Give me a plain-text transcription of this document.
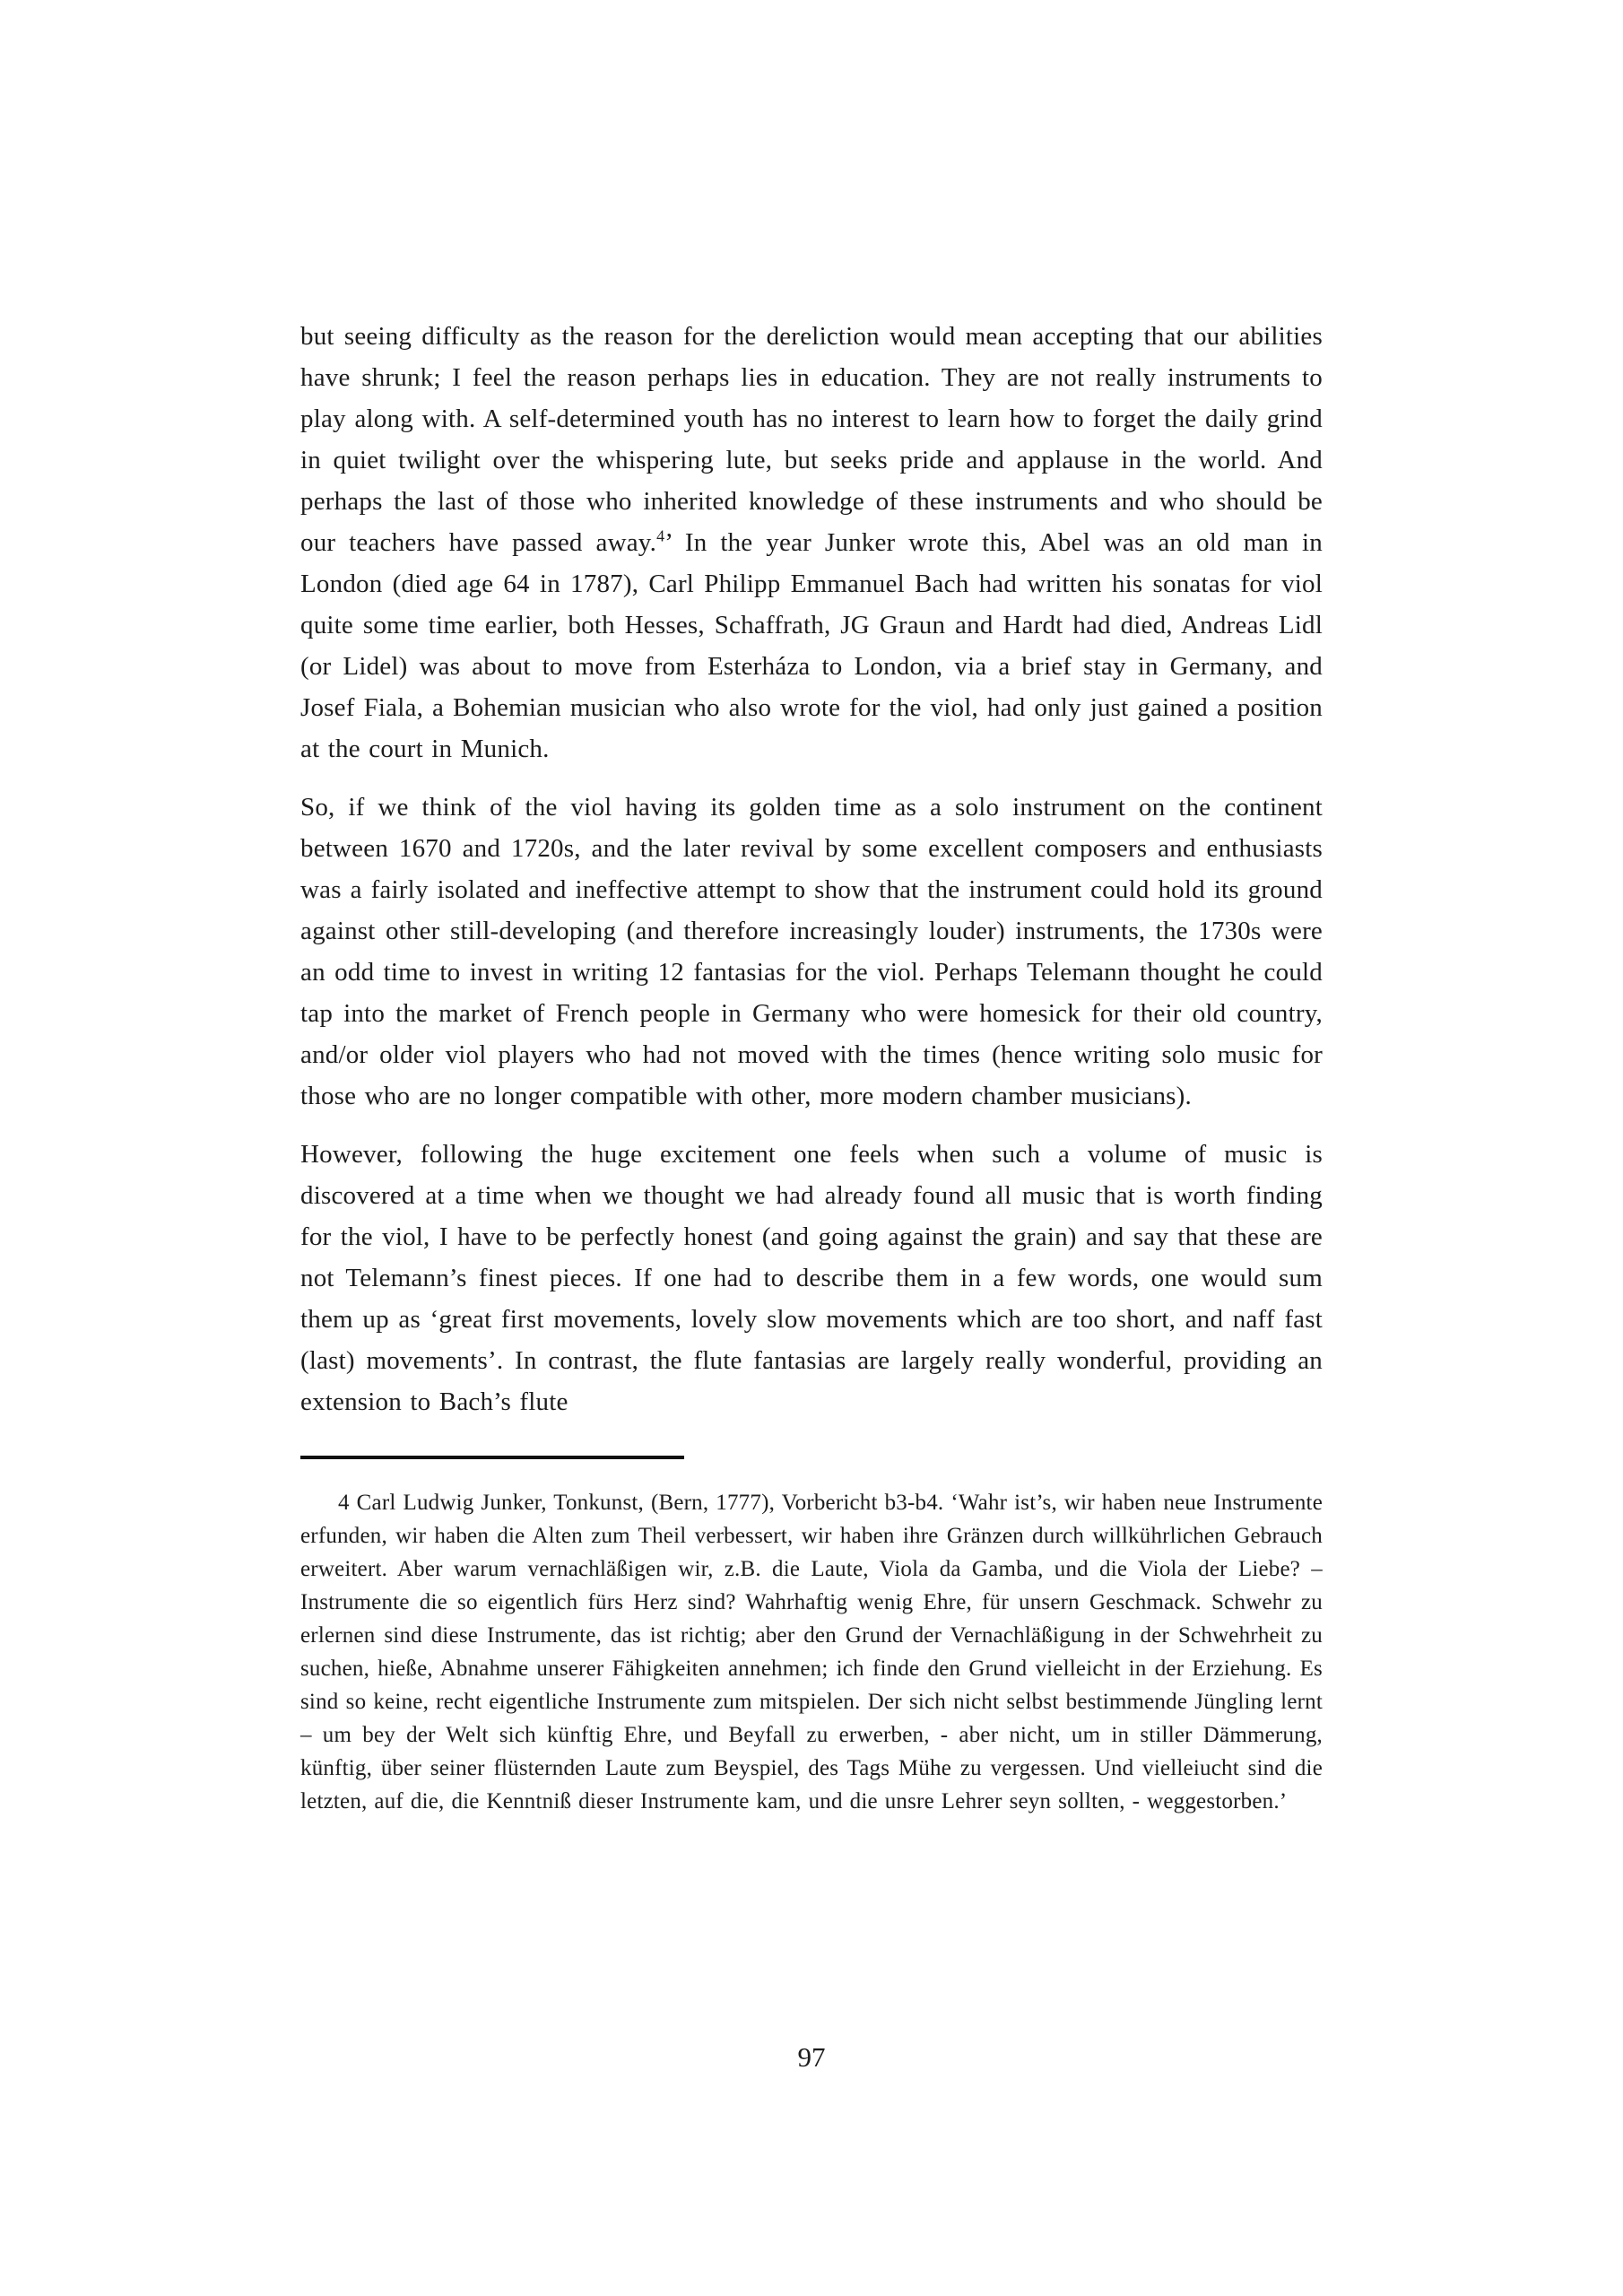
but seeing difficulty as the reason for the dereliction would mean accepting that our abilities have shrunk; I feel the reason perhaps lies in education. They are not really instruments to play along with. A self-determined youth has no interest to learn how to forget the daily grind in quiet twilight over the whispering lute, but seeks pride and applause in the world. And perhaps the last of those who inherited knowledge of these instruments and who should be our teachers have passed away.$^4$’ In the year Junker wrote this, Abel was an old man in London (died age 64 in 1787), Carl Philipp Emmanuel Bach had written his sonatas for viol quite some time earlier, both Hesses, Schaffrath, JG Graun and Hardt had died, Andreas Lidl (or Lidel) was about to move from Esterháza to London, via a brief stay in Germany, and Josef Fiala, a Bohemian musician who also wrote for the viol, had only just gained a position at the court in Munich.

So, if we think of the viol having its golden time as a solo instrument on the continent between 1670 and 1720s, and the later revival by some excellent composers and enthusiasts was a fairly isolated and ineffective attempt to show that the instrument could hold its ground against other still-developing (and therefore increasingly louder) instruments, the 1730s were an odd time to invest in writing 12 fantasias for the viol. Perhaps Telemann thought he could tap into the market of French people in Germany who were homesick for their old country, and/or older viol players who had not moved with the times (hence writing solo music for those who are no longer compatible with other, more modern chamber musicians).

However, following the huge excitement one feels when such a volume of music is discovered at a time when we thought we had already found all music that is worth finding for the viol, I have to be perfectly honest (and going against the grain) and say that these are not Telemann’s finest pieces. If one had to describe them in a few words, one would sum them up as ‘great first movements, lovely slow movements which are too short, and naff fast (last) movements’. In contrast, the flute fantasias are largely really wonderful, providing an extension to Bach’s flute

4 Carl Ludwig Junker, Tonkunst, (Bern, 1777), Vorbericht b3-b4. ‘Wahr ist’s, wir haben neue Instrumente erfunden, wir haben die Alten zum Theil verbessert, wir haben ihre Gränzen durch willkührlichen Gebrauch erweitert. Aber warum vernachläßigen wir, z.B. die Laute, Viola da Gamba, und die Viola der Liebe? – Instrumente die so eigentlich fürs Herz sind? Wahrhaftig wenig Ehre, für unsern Geschmack. Schwehr zu erlernen sind diese Instrumente, das ist richtig; aber den Grund der Vernachläßigung in der Schwehrheit zu suchen, hieße, Abnahme unserer Fähigkeiten annehmen; ich finde den Grund vielleicht in der Erziehung. Es sind so keine, recht eigentliche Instrumente zum mitspielen. Der sich nicht selbst bestimmende Jüngling lernt – um bey der Welt sich künftig Ehre, und Beyfall zu erwerben, - aber nicht, um in stiller Dämmerung, künftig, über seiner flüsternden Laute zum Beyspiel, des Tags Mühe zu vergessen. Und vielleiucht sind die letzten, auf die, die Kenntniß dieser Instrumente kam, und die unsre Lehrer seyn sollten, - weggestorben.’

97
